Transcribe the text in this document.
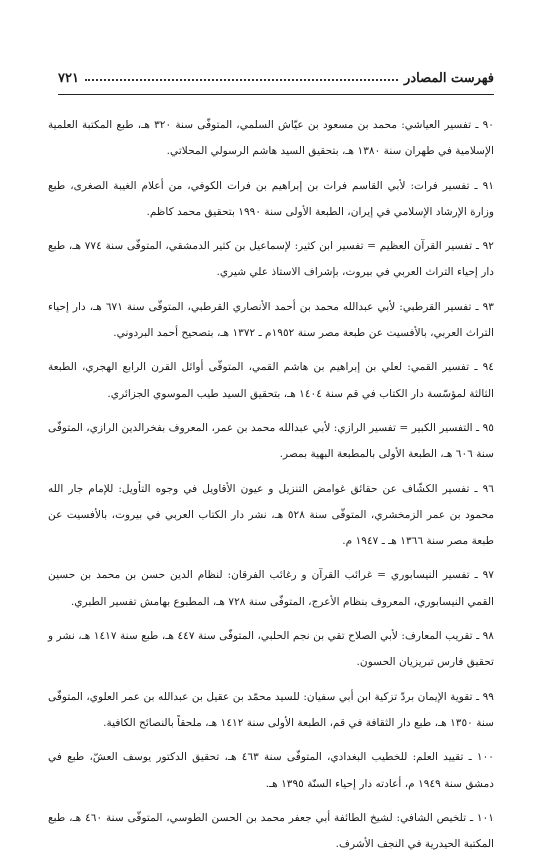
فهرست المصادر
٧٢١

٩٠ ـ تفسير العياشي: محمد بن مسعود بن عيّاش السلمي، المتوفّى سنة ٣٢٠ هـ، طبع المكتبة العلمية الإسلامية في طهران سنة ١٣٨٠ هـ، بتحقيق السيد هاشم الرسولي المحلاتي.

٩١ ـ تفسير فرات: لأبي القاسم فرات بن إبراهيم بن فرات الكوفي، من أعلام الغيبة الصغرى، طبع وزارة الإرشاد الإسلامي في إيران، الطبعة الأولى سنة ١٩٩٠ بتحقيق محمد كاظم.

٩٢ ـ تفسير القرآن العظيم = تفسير ابن كثير: لإسماعيل بن كثير الدمشقي، المتوفّى سنة ٧٧٤ هـ، طبع دار إحياء التراث العربي في بيروت، بإشراف الاستاذ علي شيري.

٩٣ ـ تفسير القرطبي: لأبي عبدالله محمد بن أحمد الأنصاري القرطبي، المتوفّى سنة ٦٧١ هـ، دار إحياء التراث العربي، بالأفسيت عن طبعة مصر سنة ١٩٥٢م ـ ١٣٧٢ هـ، بتصحيح أحمد البردوني.

٩٤ ـ تفسير القمي: لعلي بن إبراهيم بن هاشم القمي، المتوفّى أوائل القرن الرابع الهجري، الطبعة الثالثة لمؤسّسة دار الكتاب في قم سنة ١٤٠٤ هـ، بتحقيق السيد طيب الموسوي الجزائري.

٩٥ ـ التفسير الكبير = تفسير الرازي: لأبي عبدالله محمد بن عمر، المعروف بفخرالدين الرازي، المتوفّى سنة ٦٠٦ هـ، الطبعة الأولى بالمطبعة البهية بمصر.

٩٦ ـ تفسير الكشّاف عن حقائق غوامض التنزيل و عيون الأقاويل في وجوه التأويل: للإمام جار الله محمود بن عمر الزمخشري، المتوفّى سنة ٥٢٨ هـ، نشر دار الكتاب العربي في بيروت، بالأفسيت عن طبعة مصر سنة ١٣٦٦ هـ ـ ١٩٤٧ م.

٩٧ ـ تفسير النيسابوري = غرائب القرآن و رغائب الفرقان: لنظام الدين حسن بن محمد بن حسين القمي النيسابوري، المعروف بنظام الأعرج، المتوفّى سنة ٧٢٨ هـ، المطبوع بهامش تفسير الطبري.

٩٨ ـ تقريب المعارف: لأبي الصلاح تقي بن نجم الحلبي، المتوفّى سنة ٤٤٧ هـ، طبع سنة ١٤١٧ هـ، نشر و تحقيق فارس تبريزيان الحسون.

٩٩ ـ تقوية الإيمان بردّ تزكية ابن أبي سفيان: للسيد محمّد بن عقيل بن عبدالله بن عمر العلوي، المتوفّى سنة ١٣٥٠ هـ، طبع دار الثقافة في قم، الطبعة الأولى سنة ١٤١٢ هـ، ملحقاً بالنصائح الكافية.

١٠٠ ـ تقييد العلم: للخطيب البغدادي، المتوفّى سنة ٤٦٣ هـ، تحقيق الدكتور يوسف العشّ، طبع في دمشق سنة ١٩٤٩ م، أعادته دار إحياء السنّة ١٣٩٥ هـ.

١٠١ ـ تلخيص الشافي: لشيخ الطائفة أبي جعفر محمد بن الحسن الطوسي، المتوفّى سنة ٤٦٠ هـ، طبع المكتبة الحيدرية في النجف الأشرف.
